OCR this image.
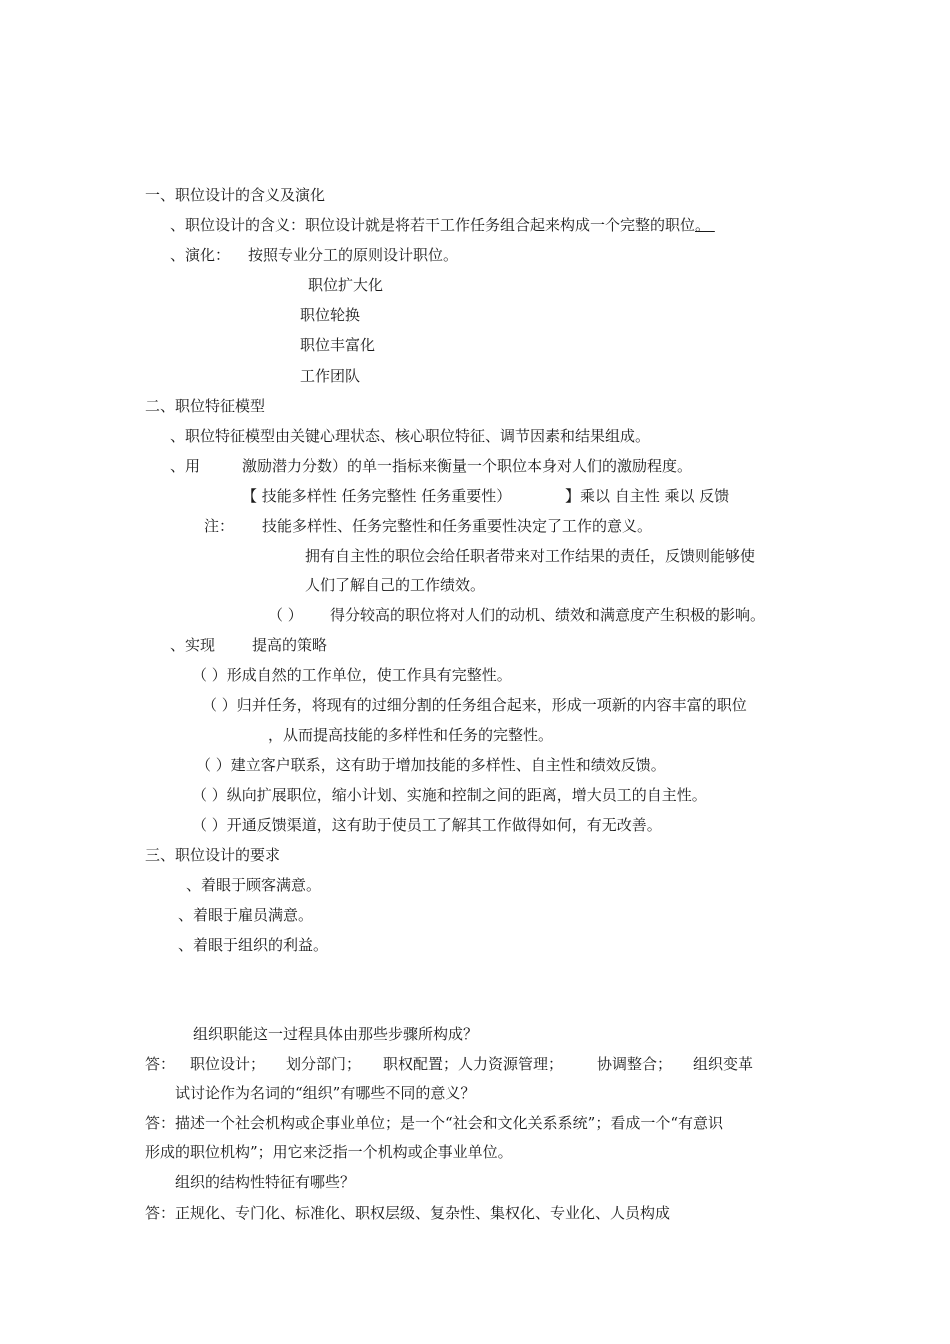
一、职位设计的含义及演化
、职位设计的含义：职位设计就是将若干工作任务组合起来构成一个完整的职位。
、演化： 按照专业分工的原则设计职位。
职位扩大化
职位轮换
职位丰富化
工作团队
二、职位特征模型
、职位特征模型由关键心理状态、核心职位特征、调节因素和结果组成。
、用	激励潜力分数）的单一指标来衡量一个职位本身对人们的激励程度。
【 技能多样性 任务完整性 任务重要性）	】乘以 自主性 乘以 反馈
注： 技能多样性、任务完整性和任务重要性决定了工作的意义。
拥有自主性的职位会给任职者带来对工作结果的责任，反馈则能够使
人们了解自己的工作绩效。
（ ） 得分较高的职位将对人们的动机、绩效和满意度产生积极的影响。
、实现 提高的策略
（ ）形成自然的工作单位，使工作具有完整性。
（ ）归并任务，将现有的过细分割的任务组合起来，形成一项新的内容丰富的职位
，从而提高技能的多样性和任务的完整性。
（ ）建立客户联系，这有助于增加技能的多样性、自主性和绩效反馈。
（ ）纵向扩展职位，缩小计划、实施和控制之间的距离，增大员工的自主性。
（ ）开通反馈渠道，这有助于使员工了解其工作做得如何，有无改善。
三、职位设计的要求
、着眼于顾客满意。
、着眼于雇员满意。
、着眼于组织的利益。
组织职能这一过程具体由那些步骤所构成？
答： 职位设计； 划分部门； 职权配置；人力资源管理； 协调整合； 组织变革
试讨论作为名词的“组织”有哪些不同的意义？
答：描述一个社会机构或企事业单位；是一个“社会和文化关系系统”；看成一个“有意识
形成的职位机构”；用它来泛指一个机构或企事业单位。
组织的结构性特征有哪些？
答：正规化、专门化、标准化、职权层级、复杂性、集权化、专业化、人员构成
